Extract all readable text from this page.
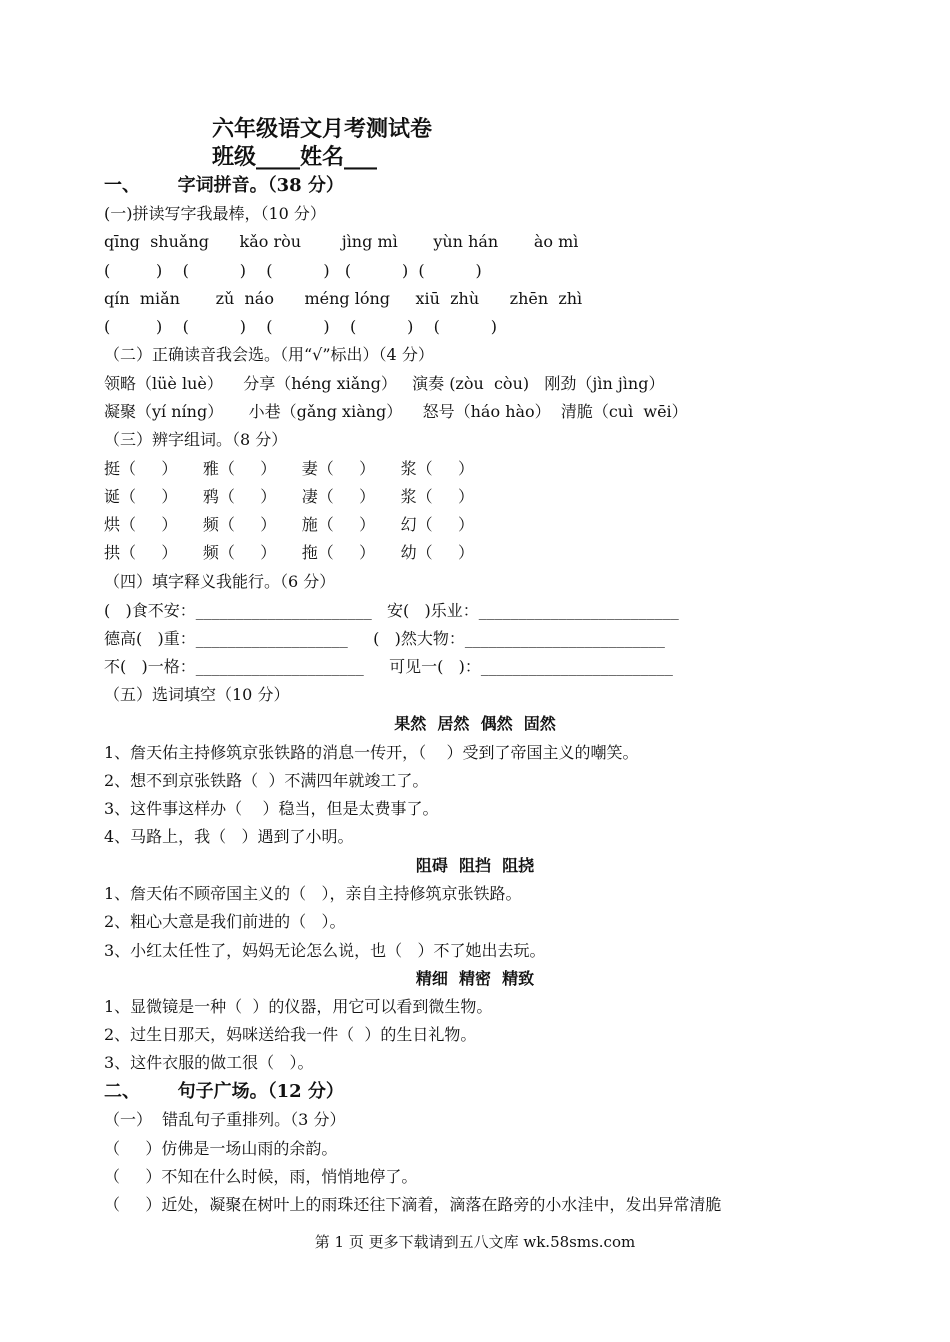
六年级语文月考测试卷
班级____姓名___
一、      字词拼音。（38 分）
(一)拼读写字我最棒，（10 分）
qīng  shuǎng      kǎo ròu        jìng mì       yùn hán       ào mì
(         )    (          )    (          )   (          )  (          )
qín  miǎn       zǔ  náo      méng lóng     xiū  zhù      zhēn  zhì
(         )    (          )    (          )    (          )    (          )
（二）正确读音我会选。（用“√”标出）（4 分）
领略（lüè luè）    分享（héng xiǎng）   演奏 (zòu  còu)   刚劲（jìn jìng）
凝聚（yí níng）     小巷（gǎng xiàng）    怒号（háo hào）  清脆（cuì  wēi）
（三）辨字组词。（8 分）
挺（     ）     雅（     ）     妻（     ）     浆（     ）
诞（     ）     鸦（     ）     凄（     ）     浆（     ）
烘（     ）     频（     ）     施（     ）     幻（     ）
拱（     ）     频（     ）     拖（     ）     幼（     ）
（四）填字释义我能行。（6 分）
(   )食不安：______________________   安(   )乐业：_________________________
德高(   )重：___________________     (   )然大物：_________________________
不(   )一格：_____________________     可见一(   )：________________________
（五）选词填空（10 分）
果然  居然  偶然  固然
1、詹天佑主持修筑京张铁路的消息一传开，（    ）受到了帝国主义的嘲笑。
2、想不到京张铁路（  ）不满四年就竣工了。
3、这件事这样办（    ）稳当，但是太费事了。
4、马路上，我（   ）遇到了小明。
阻碍  阻挡  阻挠
1、詹天佑不顾帝国主义的（   ），亲自主持修筑京张铁路。
2、粗心大意是我们前进的（   ）。
3、小红太任性了，妈妈无论怎么说，也（   ）不了她出去玩。
精细  精密  精致
1、显微镜是一种（  ）的仪器，用它可以看到微生物。
2、过生日那天，妈咪送给我一件（  ）的生日礼物。
3、这件衣服的做工很（   ）。
二、      句子广场。（12 分）
（一）  错乱句子重排列。（3 分）
（     ）仿佛是一场山雨的余韵。
（     ）不知在什么时候，雨，悄悄地停了。
（     ）近处，凝聚在树叶上的雨珠还往下滴着，滴落在路旁的小水洼中，发出异常清脆
第 1 页 更多下载请到五八文库 wk.58sms.com
